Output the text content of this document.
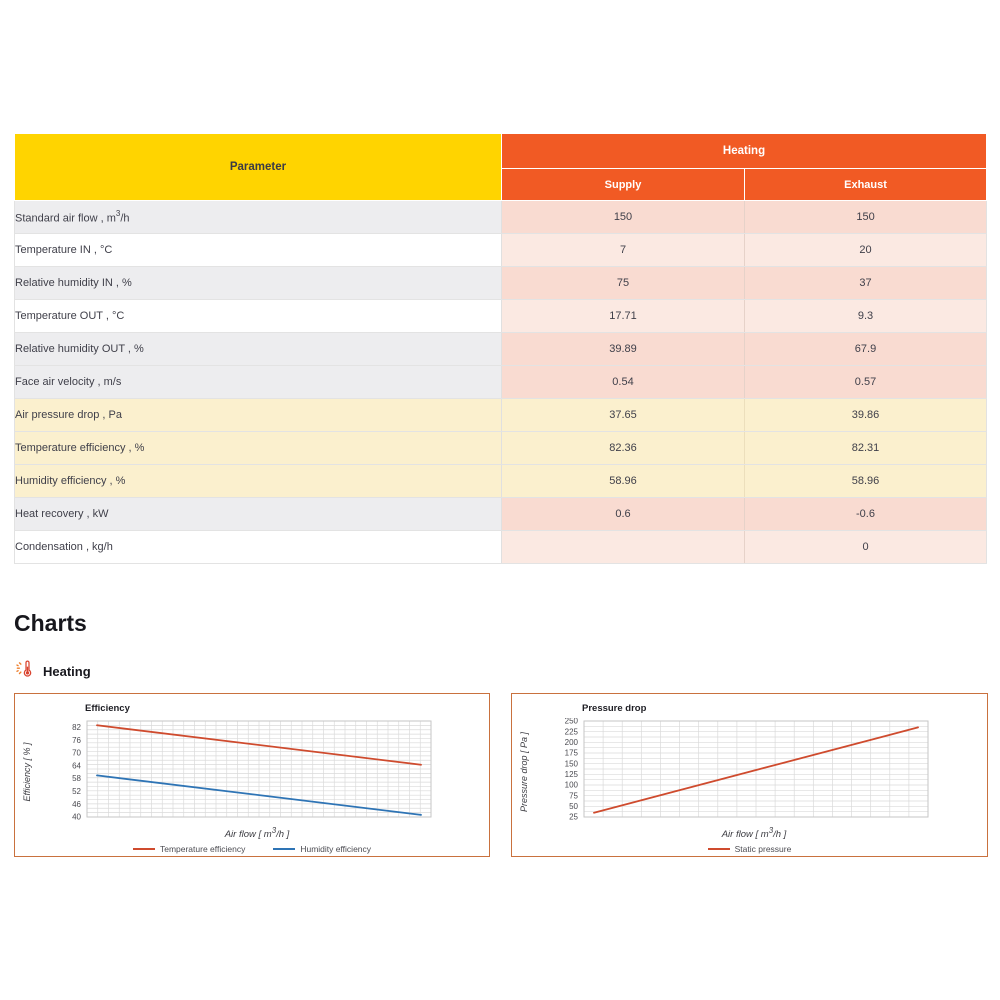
Parameter	Heating	
	Supply	Exhaust
Standard air flow , $m^3/h$	150	150
Temperature IN , °C	7	20
Relative humidity IN , %	75	37
Temperature OUT , °C	17.71	9.3
Relative humidity OUT , %	39.89	67.9
Face air velocity , m/s	0.54	0.57
Air pressure drop , Pa	37.65	39.86
Temperature efficiency , %	82.36	82.31
Humidity efficiency , %	58.96	58.96
Heat recovery , kW	0.6	-0.6
Condensation , kg/h		0
Charts
Heating
Efficiency
Efficiency [ % ]
82
76
70
64
58
52
46
40
Air flow [ $m^3/h$ ]
Temperature efficiency	Humidity efficiency
Pressure drop
Pressure drop [ Pa ]
250
225
200
175
150
125
100
75
50
25
Air flow [ $m^3/h$ ]
Static pressure
